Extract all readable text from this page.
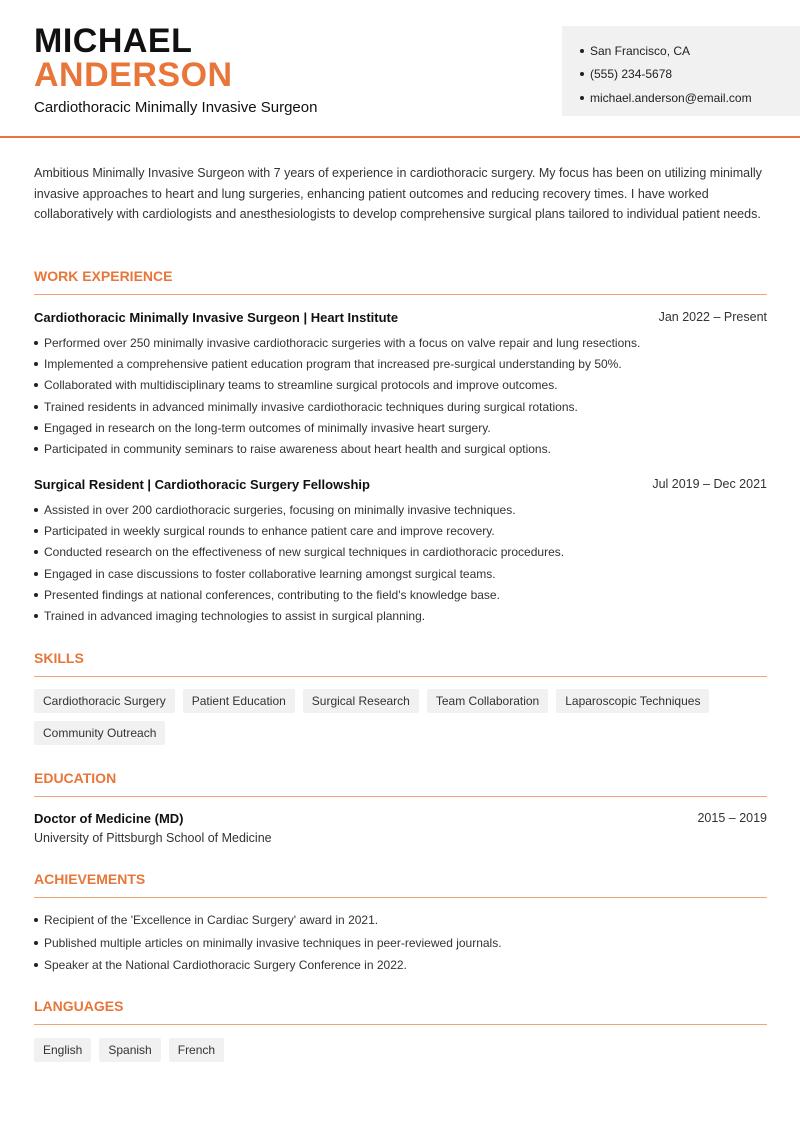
MICHAEL
ANDERSON
Cardiothoracic Minimally Invasive Surgeon
San Francisco, CA
(555) 234-5678
michael.anderson@email.com

Ambitious Minimally Invasive Surgeon with 7 years of experience in cardiothoracic surgery. My focus has been on utilizing minimally invasive approaches to heart and lung surgeries, enhancing patient outcomes and reducing recovery times. I have worked collaboratively with cardiologists and anesthesiologists to develop comprehensive surgical plans tailored to individual patient needs.

WORK EXPERIENCE
Cardiothoracic Minimally Invasive Surgeon | Heart Institute	Jan 2022 – Present
Performed over 250 minimally invasive cardiothoracic surgeries with a focus on valve repair and lung resections.
Implemented a comprehensive patient education program that increased pre-surgical understanding by 50%.
Collaborated with multidisciplinary teams to streamline surgical protocols and improve outcomes.
Trained residents in advanced minimally invasive cardiothoracic techniques during surgical rotations.
Engaged in research on the long-term outcomes of minimally invasive heart surgery.
Participated in community seminars to raise awareness about heart health and surgical options.
Surgical Resident | Cardiothoracic Surgery Fellowship	Jul 2019 – Dec 2021
Assisted in over 200 cardiothoracic surgeries, focusing on minimally invasive techniques.
Participated in weekly surgical rounds to enhance patient care and improve recovery.
Conducted research on the effectiveness of new surgical techniques in cardiothoracic procedures.
Engaged in case discussions to foster collaborative learning amongst surgical teams.
Presented findings at national conferences, contributing to the field's knowledge base.
Trained in advanced imaging technologies to assist in surgical planning.
SKILLS
Cardiothoracic Surgery	Patient Education	Surgical Research	Team Collaboration	Laparoscopic Techniques
Community Outreach
EDUCATION
Doctor of Medicine (MD)	2015 – 2019
University of Pittsburgh School of Medicine
ACHIEVEMENTS
Recipient of the 'Excellence in Cardiac Surgery' award in 2021.
Published multiple articles on minimally invasive techniques in peer-reviewed journals.
Speaker at the National Cardiothoracic Surgery Conference in 2022.
LANGUAGES
English	Spanish	French
